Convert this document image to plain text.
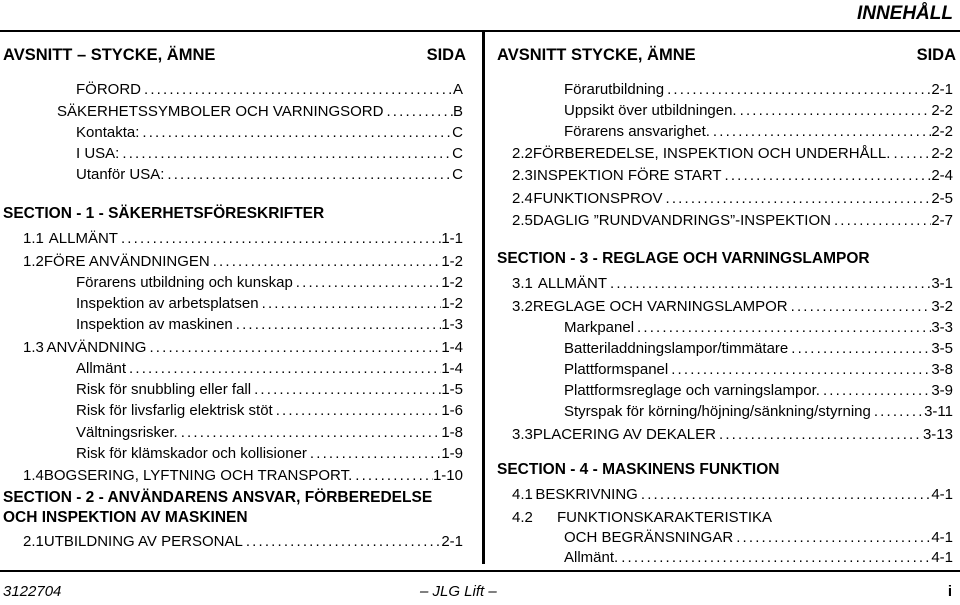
INNEHÅLL
AVSNITT – STYCKE, ÄMNE	SIDA
FÖRORD . . .	A
SÄKERHETSSYMBOLER OCH VARNINGSORD . . .	B
Kontakta: . . .	C
I USA: . . .	C
Utanför USA: . . .	C
SECTION - 1 - SÄKERHETSFÖRESKRIFTER
1.1 ALLMÄNT . . .	1-1
1.2 FÖRE ANVÄNDNINGEN . . .	1-2
Förarens utbildning och kunskap . . .	1-2
Inspektion av arbetsplatsen . . .	1-2
Inspektion av maskinen . . .	1-3
1.3 ANVÄNDNING . . .	1-4
Allmänt . . .	1-4
Risk för snubbling eller fall . . .	1-5
Risk för livsfarlig elektrisk stöt . . .	1-6
Vältningsrisker. . . .	1-8
Risk för klämskador och kollisioner . . .	1-9
1.4 BOGSERING, LYFTNING OCH TRANSPORT. . . .	1-10
SECTION - 2 - ANVÄNDARENS ANSVAR, FÖRBEREDELSE
OCH INSPEKTION AV MASKINEN
2.1 UTBILDNING AV PERSONAL . . .	2-1
AVSNITT STYCKE, ÄMNE	SIDA
Förarutbildning . . .	2-1
Uppsikt över utbildningen. . . .	2-2
Förarens ansvarighet. . . .	2-2
2.2 FÖRBEREDELSE, INSPEKTION OCH UNDERHÅLL. . . .	2-2
2.3 INSPEKTION FÖRE START . . .	2-4
2.4 FUNKTIONSPROV . . .	2-5
2.5 DAGLIG ”RUNDVANDRINGS”-INSPEKTION . . .	2-7
SECTION - 3 - REGLAGE OCH VARNINGSLAMPOR
3.1 ALLMÄNT . . .	3-1
3.2 REGLAGE OCH VARNINGSLAMPOR . . .	3-2
Markpanel . . .	3-3
Batteriladdningslampor/timmätare . . .	3-5
Plattformspanel . . .	3-8
Plattformsreglage och varningslampor. . . .	3-9
Styrspak för körning/höjning/sänkning/styrning . . .	3-11
3.3 PLACERING AV DEKALER . . .	3-13
SECTION - 4 - MASKINENS FUNKTION
4.1 BESKRIVNING . . .	4-1
4.2	FUNKTIONSKARAKTERISTIKA
OCH BEGRÄNSNINGAR . . .	4-1
Allmänt. . . .	4-1
3122704	– JLG Lift –	i
